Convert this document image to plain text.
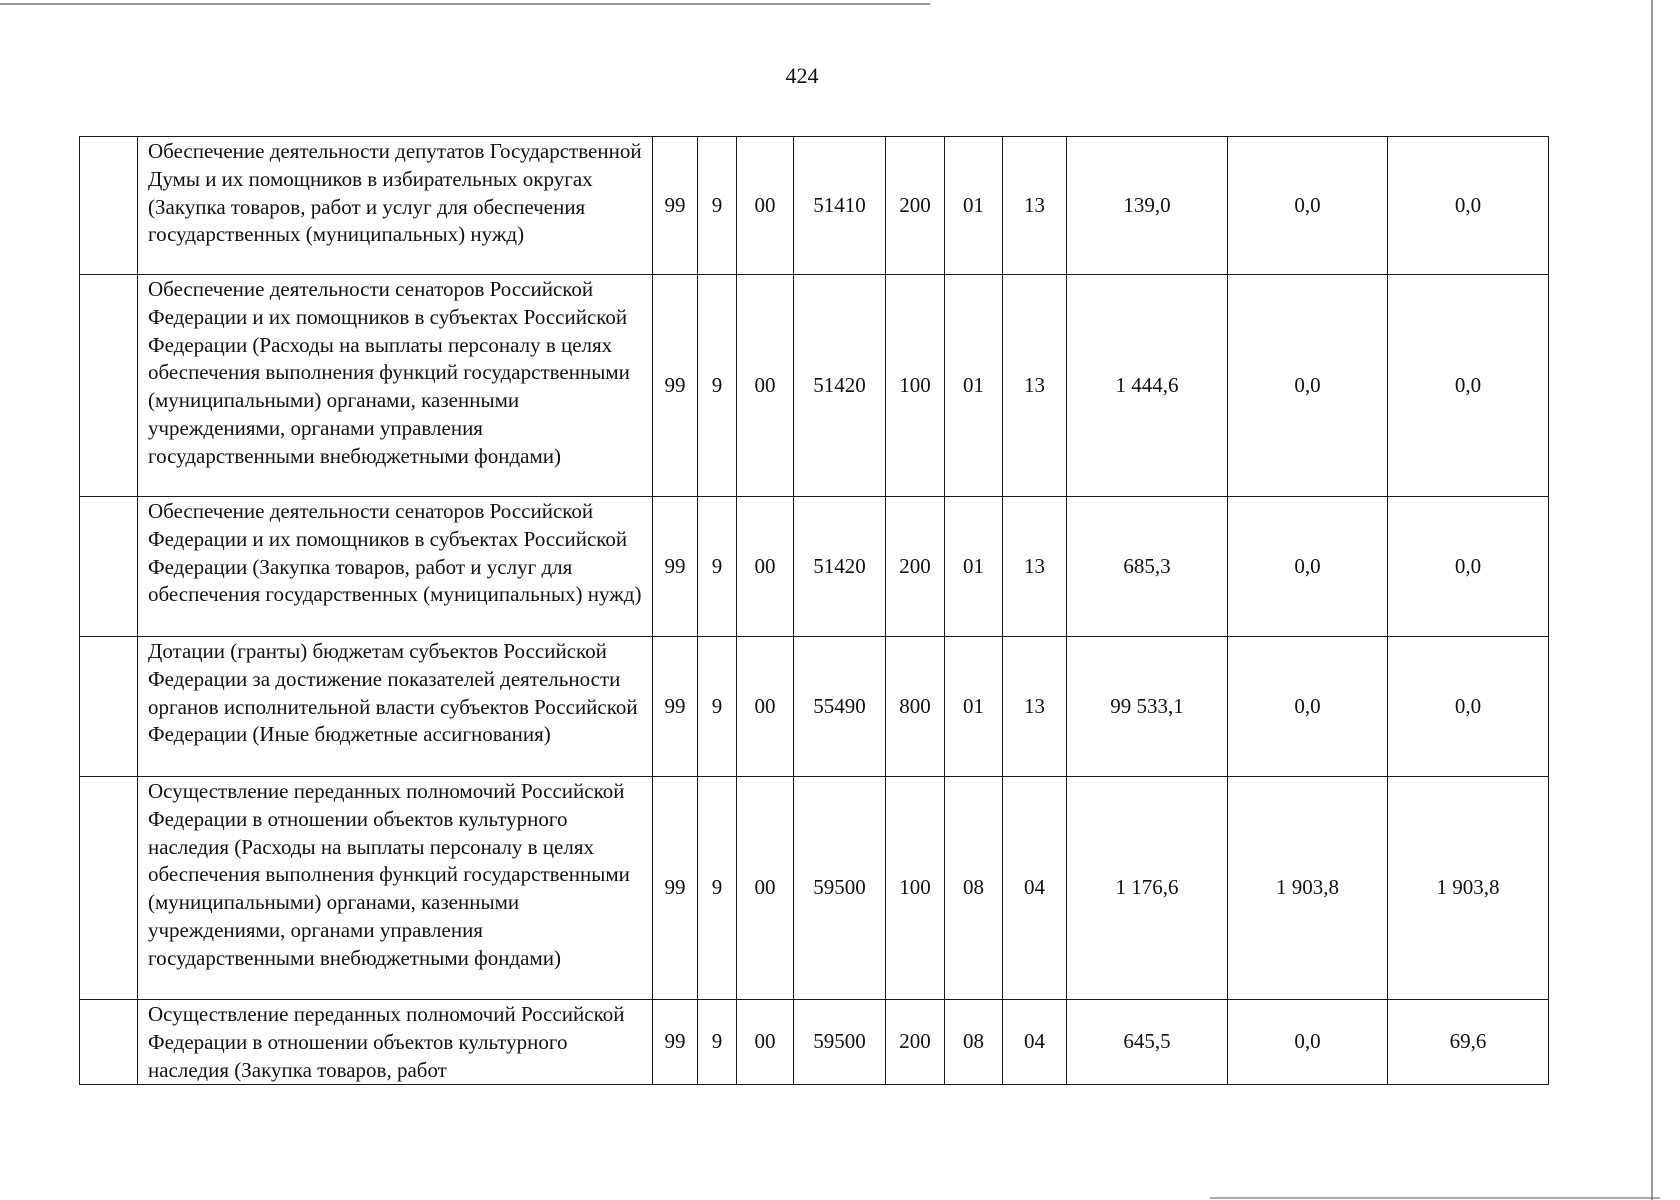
424
	Обеспечение деятельности депутатов Государственной Думы и их помощников в избирательных округах (Закупка товаров, работ и услуг для обеспечения государственных (муниципальных) нужд)	99	9	00	51410	200	01	13	139,0	0,0	0,0
	Обеспечение деятельности сенаторов Российской Федерации и их помощников в субъектах Российской Федерации (Расходы на выплаты персоналу в целях обеспечения выполнения функций государственными (муниципальными) органами, казенными учреждениями, органами управления государственными внебюджетными фондами)	99	9	00	51420	100	01	13	1 444,6	0,0	0,0
	Обеспечение деятельности сенаторов Российской Федерации и их помощников в субъектах Российской Федерации (Закупка товаров, работ и услуг для обеспечения государственных (муниципальных) нужд)	99	9	00	51420	200	01	13	685,3	0,0	0,0
	Дотации (гранты) бюджетам субъектов Российской Федерации за достижение показателей деятельности органов исполнительной власти субъектов Российской Федерации (Иные бюджетные ассигнования)	99	9	00	55490	800	01	13	99 533,1	0,0	0,0
	Осуществление переданных полномочий Российской Федерации в отношении объектов культурного наследия (Расходы на выплаты персоналу в целях обеспечения выполнения функций государственными (муниципальными) органами, казенными учреждениями, органами управления государственными внебюджетными фондами)	99	9	00	59500	100	08	04	1 176,6	1 903,8	1 903,8
	Осуществление переданных полномочий Российской Федерации в отношении объектов культурного наследия (Закупка товаров, работ	99	9	00	59500	200	08	04	645,5	0,0	69,6
